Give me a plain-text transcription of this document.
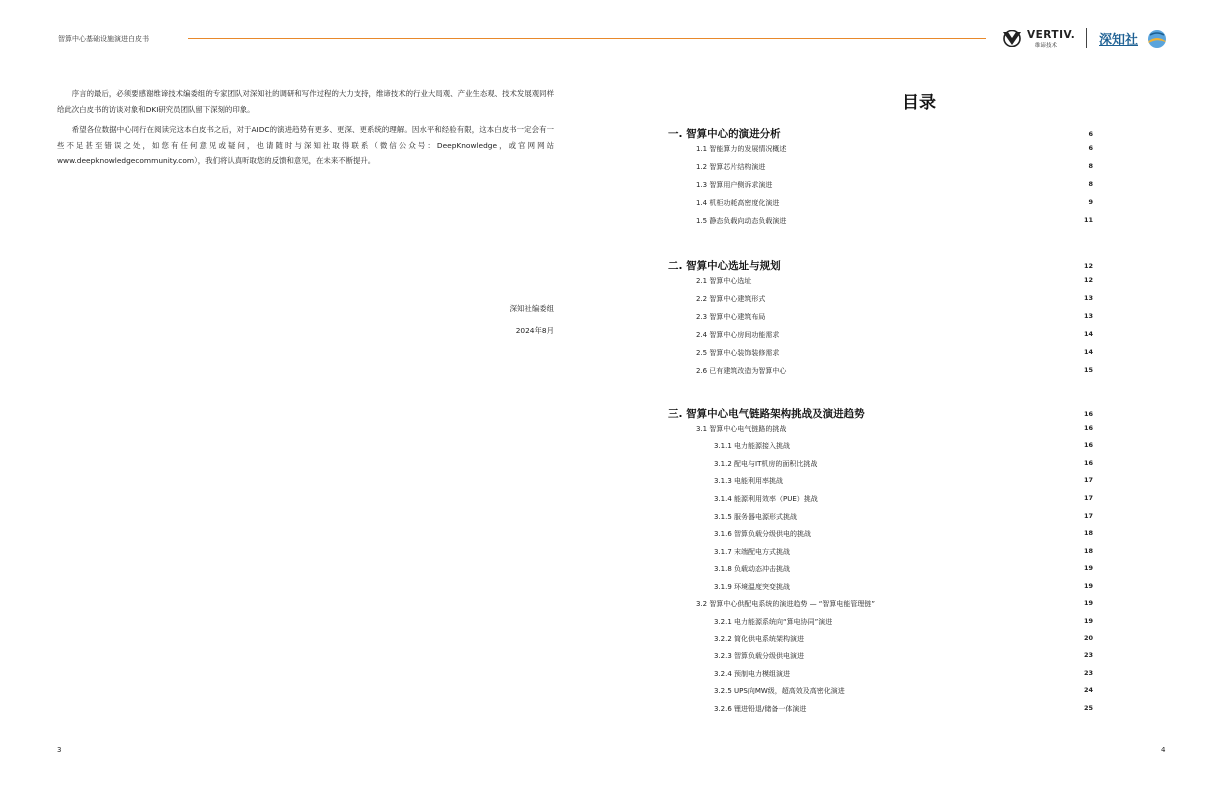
智算中心基础设施演进白皮书	VERTIV.
维谛技术	深知社

序言的最后，必须要感谢维谛技术编委组的专家团队对深知社的调研和写作过程的大力支持，维谛技术的行业大局观、产业生态观、技术发展观同样给此次白皮书的访谈对象和DKI研究员团队留下深刻的印象。

希望各位数据中心同行在阅读完这本白皮书之后，对于AIDC的演进趋势有更多、更深、更系统的理解。因水平和经验有限，这本白皮书一定会有一些不足甚至错误之处，如您有任何意见或疑问，也请随时与深知社取得联系（微信公众号：DeepKnowledge，或官网网站www.deepknowledgecommunity.com），我们将认真听取您的反馈和意见，在未来不断提升。

深知社编委组
2024年8月
目录
一. 智算中心的演进分析	6
1.1 智能算力的发展情况概述	6
1.2 智算芯片结构演进	8
1.3 智算用户侧诉求演进	8
1.4 机柜功耗高密度化演进	9
1.5 静态负载向动态负载演进	11
二. 智算中心选址与规划	12
2.1 智算中心选址	12
2.2 智算中心建筑形式	13
2.3 智算中心建筑布局	13
2.4 智算中心房间功能需求	14
2.5 智算中心装饰装修需求	14
2.6 已有建筑改造为智算中心	15
三. 智算中心电气链路架构挑战及演进趋势	16
3.1 智算中心电气链路的挑战	16
3.1.1 电力能源接入挑战	16
3.1.2 配电与IT机房的面积比挑战	16
3.1.3 电能利用率挑战	17
3.1.4 能源利用效率（PUE）挑战	17
3.1.5 服务器电源形式挑战	17
3.1.6 智算负载分级供电的挑战	18
3.1.7 末端配电方式挑战	18
3.1.8 负载动态冲击挑战	19
3.1.9 环境温度突变挑战	19
3.2 智算中心供配电系统的演进趋势 — “智算电能管理链”	19
3.2.1 电力能源系统向“算电协同”演进	19
3.2.2 简化供电系统架构演进	20
3.2.3 智算负载分级供电演进	23
3.2.4 预制电力模组演进	23
3.2.5 UPS向MW级，超高效及高密化演进	24
3.2.6 锂进铅退/储备一体演进	25
3	4
